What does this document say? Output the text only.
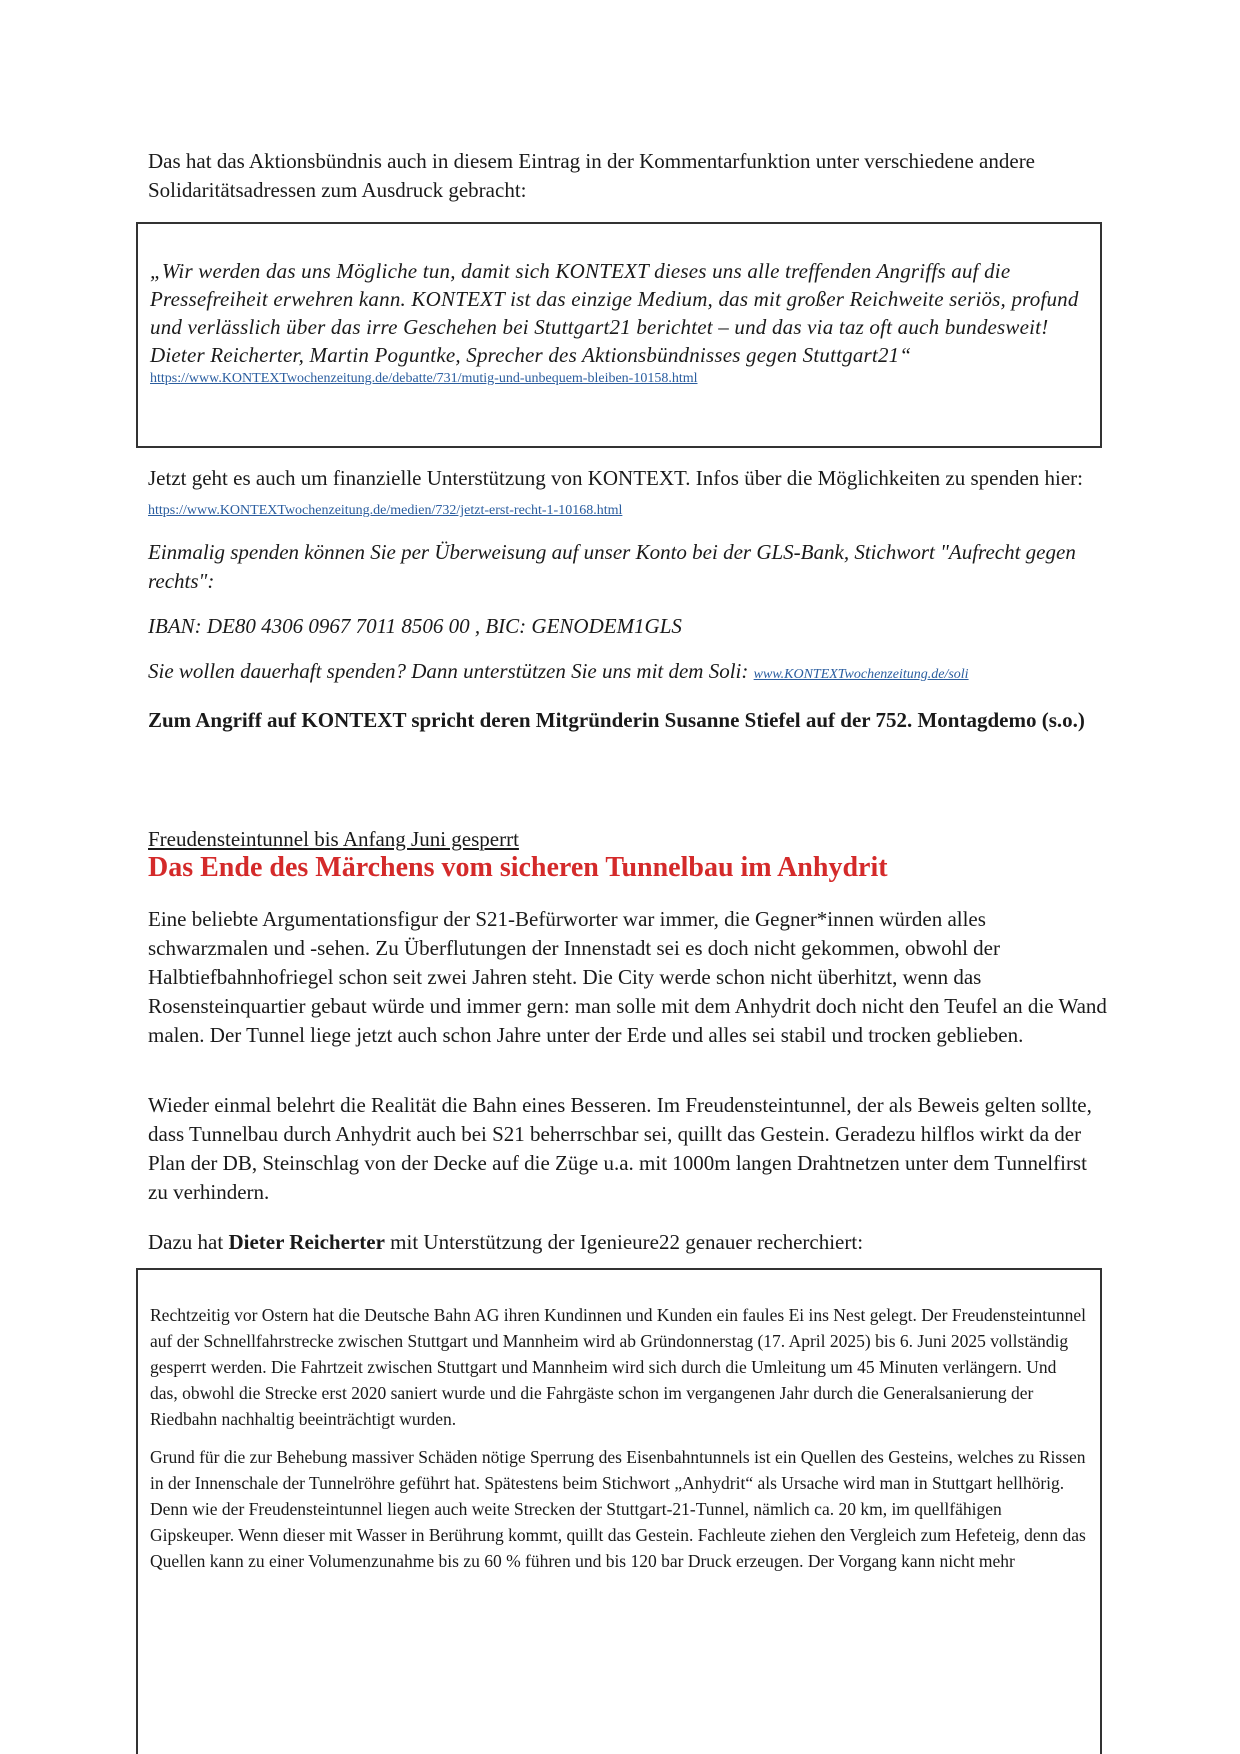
Das hat das Aktionsbündnis auch in diesem Eintrag in der Kommentarfunktion unter verschiedene andere Solidaritätsadressen zum Ausdruck gebracht:

„Wir werden das uns Mögliche tun, damit sich KONTEXT dieses uns alle treffenden Angriffs auf die Pressefreiheit erwehren kann. KONTEXT ist das einzige Medium, das mit großer Reichweite seriös, profund und verlässlich über das irre Geschehen bei Stuttgart21 berichtet – und das via taz oft auch bundesweit!

Dieter Reicherter, Martin Poguntke, Sprecher des Aktionsbündnisses gegen Stuttgart21“

https://www.KONTEXTwochenzeitung.de/debatte/731/mutig-und-unbequem-bleiben-10158.html

Jetzt geht es auch um finanzielle Unterstützung von KONTEXT. Infos über die Möglichkeiten zu spenden hier: https://www.KONTEXTwochenzeitung.de/medien/732/jetzt-erst-recht-1-10168.html

Einmalig spenden können Sie per Überweisung auf unser Konto bei der GLS-Bank, Stichwort "Aufrecht gegen rechts":

IBAN: DE80 4306 0967 7011 8506 00 , BIC: GENODEM1GLS

Sie wollen dauerhaft spenden? Dann unterstützen Sie uns mit dem Soli: www.KONTEXTwochenzeitung.de/soli

Zum Angriff auf KONTEXT spricht deren Mitgründerin Susanne Stiefel auf der 752. Montagdemo (s.o.)

Freudensteintunnel bis Anfang Juni gesperrt

Das Ende des Märchens vom sicheren Tunnelbau im Anhydrit

Eine beliebte Argumentationsfigur der S21-Befürworter war immer, die Gegner*innen würden alles schwarzmalen und -sehen. Zu Überflutungen der Innenstadt sei es doch nicht gekommen, obwohl der Halbtiefbahnhofriegel schon seit zwei Jahren steht. Die City werde schon nicht überhitzt, wenn das Rosensteinquartier gebaut würde und immer gern: man solle mit dem Anhydrit doch nicht den Teufel an die Wand malen. Der Tunnel liege jetzt auch schon Jahre unter der Erde und alles sei stabil und trocken geblieben.

Wieder einmal belehrt die Realität die Bahn eines Besseren. Im Freudensteintunnel, der als Beweis gelten sollte, dass Tunnelbau durch Anhydrit auch bei S21 beherrschbar sei, quillt das Gestein. Geradezu hilflos wirkt da der Plan der DB, Steinschlag von der Decke auf die Züge u.a. mit 1000m langen Drahtnetzen unter dem Tunnelfirst zu verhindern.

Dazu hat Dieter Reicherter mit Unterstützung der Igenieure22 genauer recherchiert:

Rechtzeitig vor Ostern hat die Deutsche Bahn AG ihren Kundinnen und Kunden ein faules Ei ins Nest gelegt. Der Freudensteintunnel auf der Schnellfahrstrecke zwischen Stuttgart und Mannheim wird ab Gründonnerstag (17. April 2025) bis 6. Juni 2025 vollständig gesperrt werden. Die Fahrtzeit zwischen Stuttgart und Mannheim wird sich durch die Umleitung um 45 Minuten verlängern. Und das, obwohl die Strecke erst 2020 saniert wurde und die Fahrgäste schon im vergangenen Jahr durch die Generalsanierung der Riedbahn nachhaltig beeinträchtigt wurden.

Grund für die zur Behebung massiver Schäden nötige Sperrung des Eisenbahntunnels ist ein Quellen des Gesteins, welches zu Rissen in der Innenschale der Tunnelröhre geführt hat. Spätestens beim Stichwort „Anhydrit“ als Ursache wird man in Stuttgart hellhörig. Denn wie der Freudensteintunnel liegen auch weite Strecken der Stuttgart-21-Tunnel, nämlich ca. 20 km, im quellfähigen Gipskeuper. Wenn dieser mit Wasser in Berührung kommt, quillt das Gestein. Fachleute ziehen den Vergleich zum Hefeteig, denn das Quellen kann zu einer Volumenzunahme bis zu 60 % führen und bis 120 bar Druck erzeugen. Der Vorgang kann nicht mehr
